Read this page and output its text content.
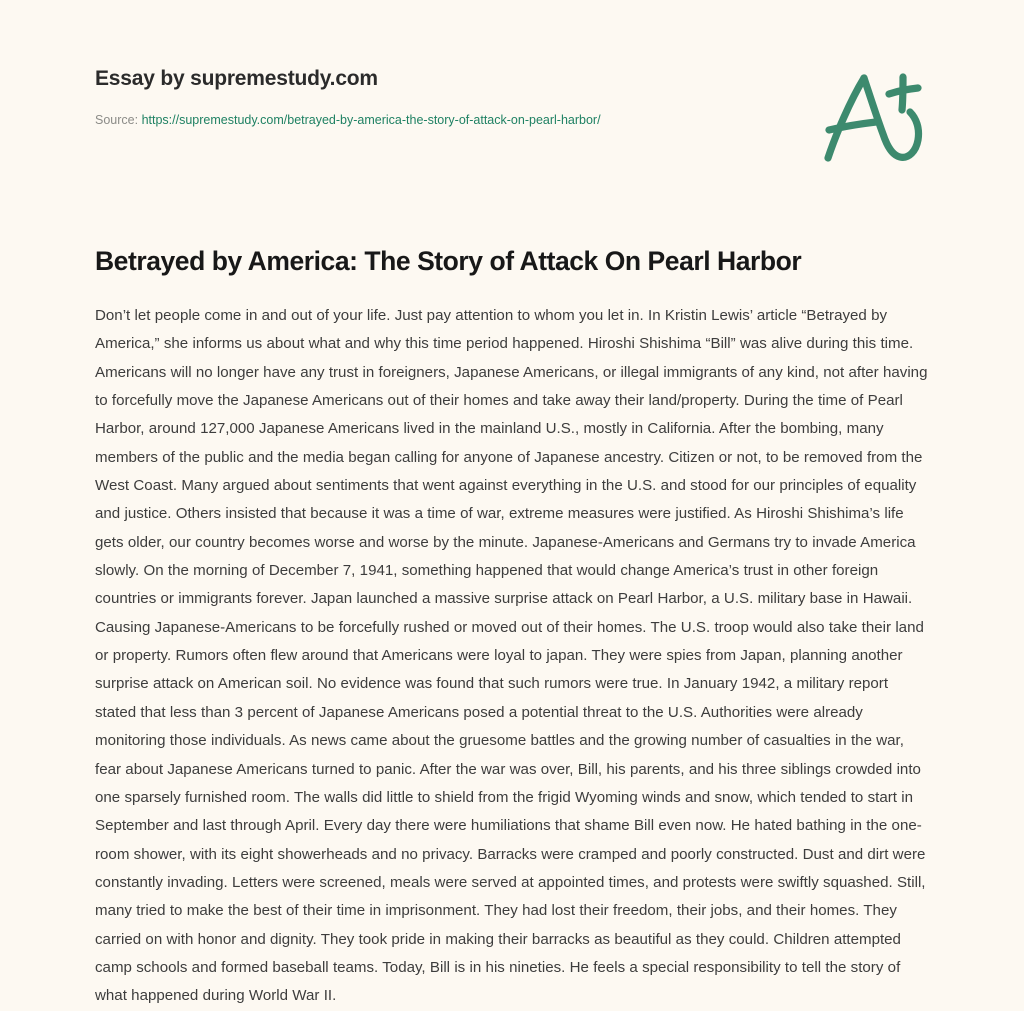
Essay by supremestudy.com
Source: https://supremestudy.com/betrayed-by-america-the-story-of-attack-on-pearl-harbor/
Betrayed by America: The Story of Attack On Pearl Harbor

Don’t let people come in and out of your life. Just pay attention to whom you let in. In Kristin Lewis’ article “Betrayed by America,” she informs us about what and why this time period happened. Hiroshi Shishima “Bill” was alive during this time. Americans will no longer have any trust in foreigners, Japanese Americans, or illegal immigrants of any kind, not after having to forcefully move the Japanese Americans out of their homes and take away their land/property. During the time of Pearl Harbor, around 127,000 Japanese Americans lived in the mainland U.S., mostly in California. After the bombing, many members of the public and the media began calling for anyone of Japanese ancestry. Citizen or not, to be removed from the West Coast. Many argued about sentiments that went against everything in the U.S. and stood for our principles of equality and justice. Others insisted that because it was a time of war, extreme measures were justified. As Hiroshi Shishima’s life gets older, our country becomes worse and worse by the minute. Japanese-Americans and Germans try to invade America slowly. On the morning of December 7, 1941, something happened that would change America’s trust in other foreign countries or immigrants forever. Japan launched a massive surprise attack on Pearl Harbor, a U.S. military base in Hawaii. Causing Japanese-Americans to be forcefully rushed or moved out of their homes. The U.S. troop would also take their land or property. Rumors often flew around that Americans were loyal to japan. They were spies from Japan, planning another surprise attack on American soil. No evidence was found that such rumors were true. In January 1942, a military report stated that less than 3 percent of Japanese Americans posed a potential threat to the U.S. Authorities were already monitoring those individuals. As news came about the gruesome battles and the growing number of casualties in the war, fear about Japanese Americans turned to panic. After the war was over, Bill, his parents, and his three siblings crowded into one sparsely furnished room. The walls did little to shield from the frigid Wyoming winds and snow, which tended to start in September and last through April. Every day there were humiliations that shame Bill even now. He hated bathing in the one-room shower, with its eight showerheads and no privacy. Barracks were cramped and poorly constructed. Dust and dirt were constantly invading. Letters were screened, meals were served at appointed times, and protests were swiftly squashed. Still, many tried to make the best of their time in imprisonment. They had lost their freedom, their jobs, and their homes. They carried on with honor and dignity. They took pride in making their barracks as beautiful as they could. Children attempted camp schools and formed baseball teams. Today, Bill is in his nineties. He feels a special responsibility to tell the story of what happened during World War II.
